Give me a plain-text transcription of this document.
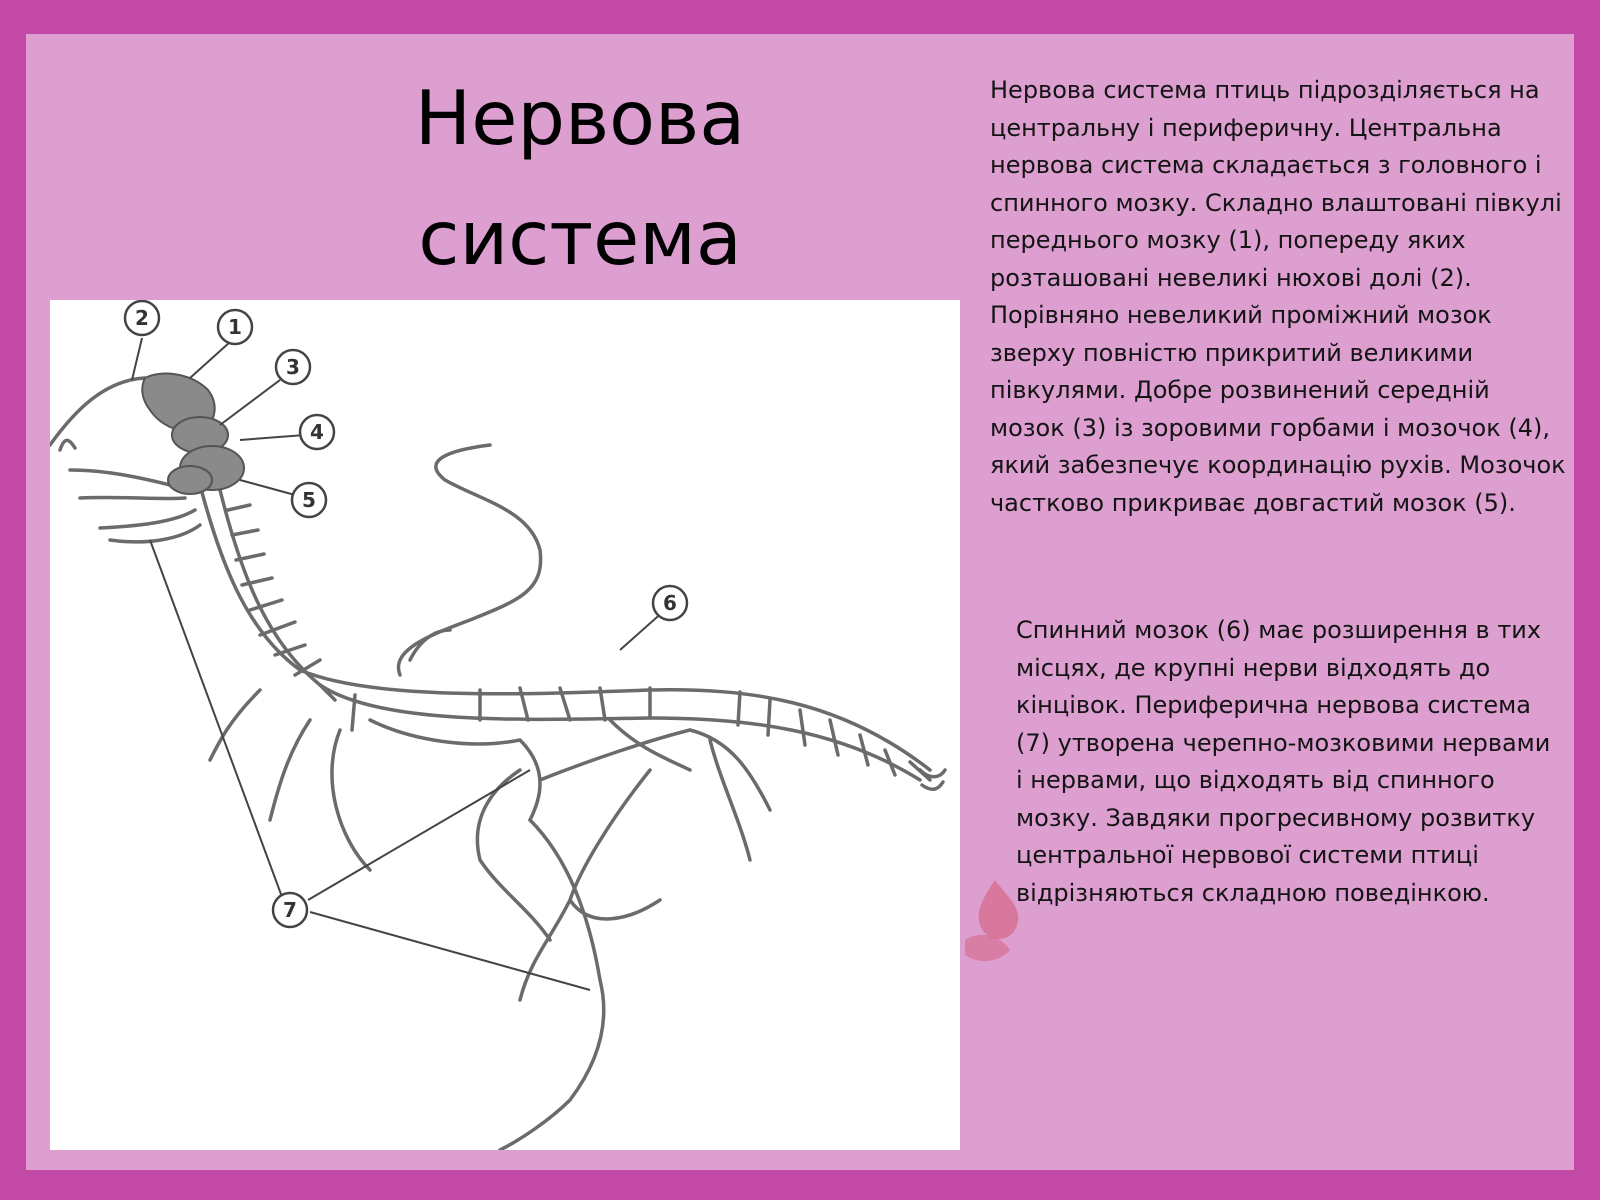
Нервова
система
2	1
3
4
5
6
7

Нервова система птиць підрозділяється на центральну і периферичну. Центральна нервова система складається з головного і спинного мозку. Складно влаштовані півкулі переднього мозку (1), попереду яких розташовані невеликі нюхові долі (2). Порівняно невеликий проміжний мозок зверху повністю прикритий великими півкулями. Добре розвинений середній мозок (3) із зоровими горбами і мозочок (4), який забезпечує координацію рухів. Мозочок частково прикриває довгастий мозок (5).

Спинний мозок (6) має розширення в тих місцях, де крупні нерви відходять до кінцівок. Периферична нервова система (7) утворена черепно-мозковими нервами і нервами, що відходять від спинного мозку. Завдяки прогресивному розвитку центральної нервової системи птиці відрізняються складною поведінкою.
